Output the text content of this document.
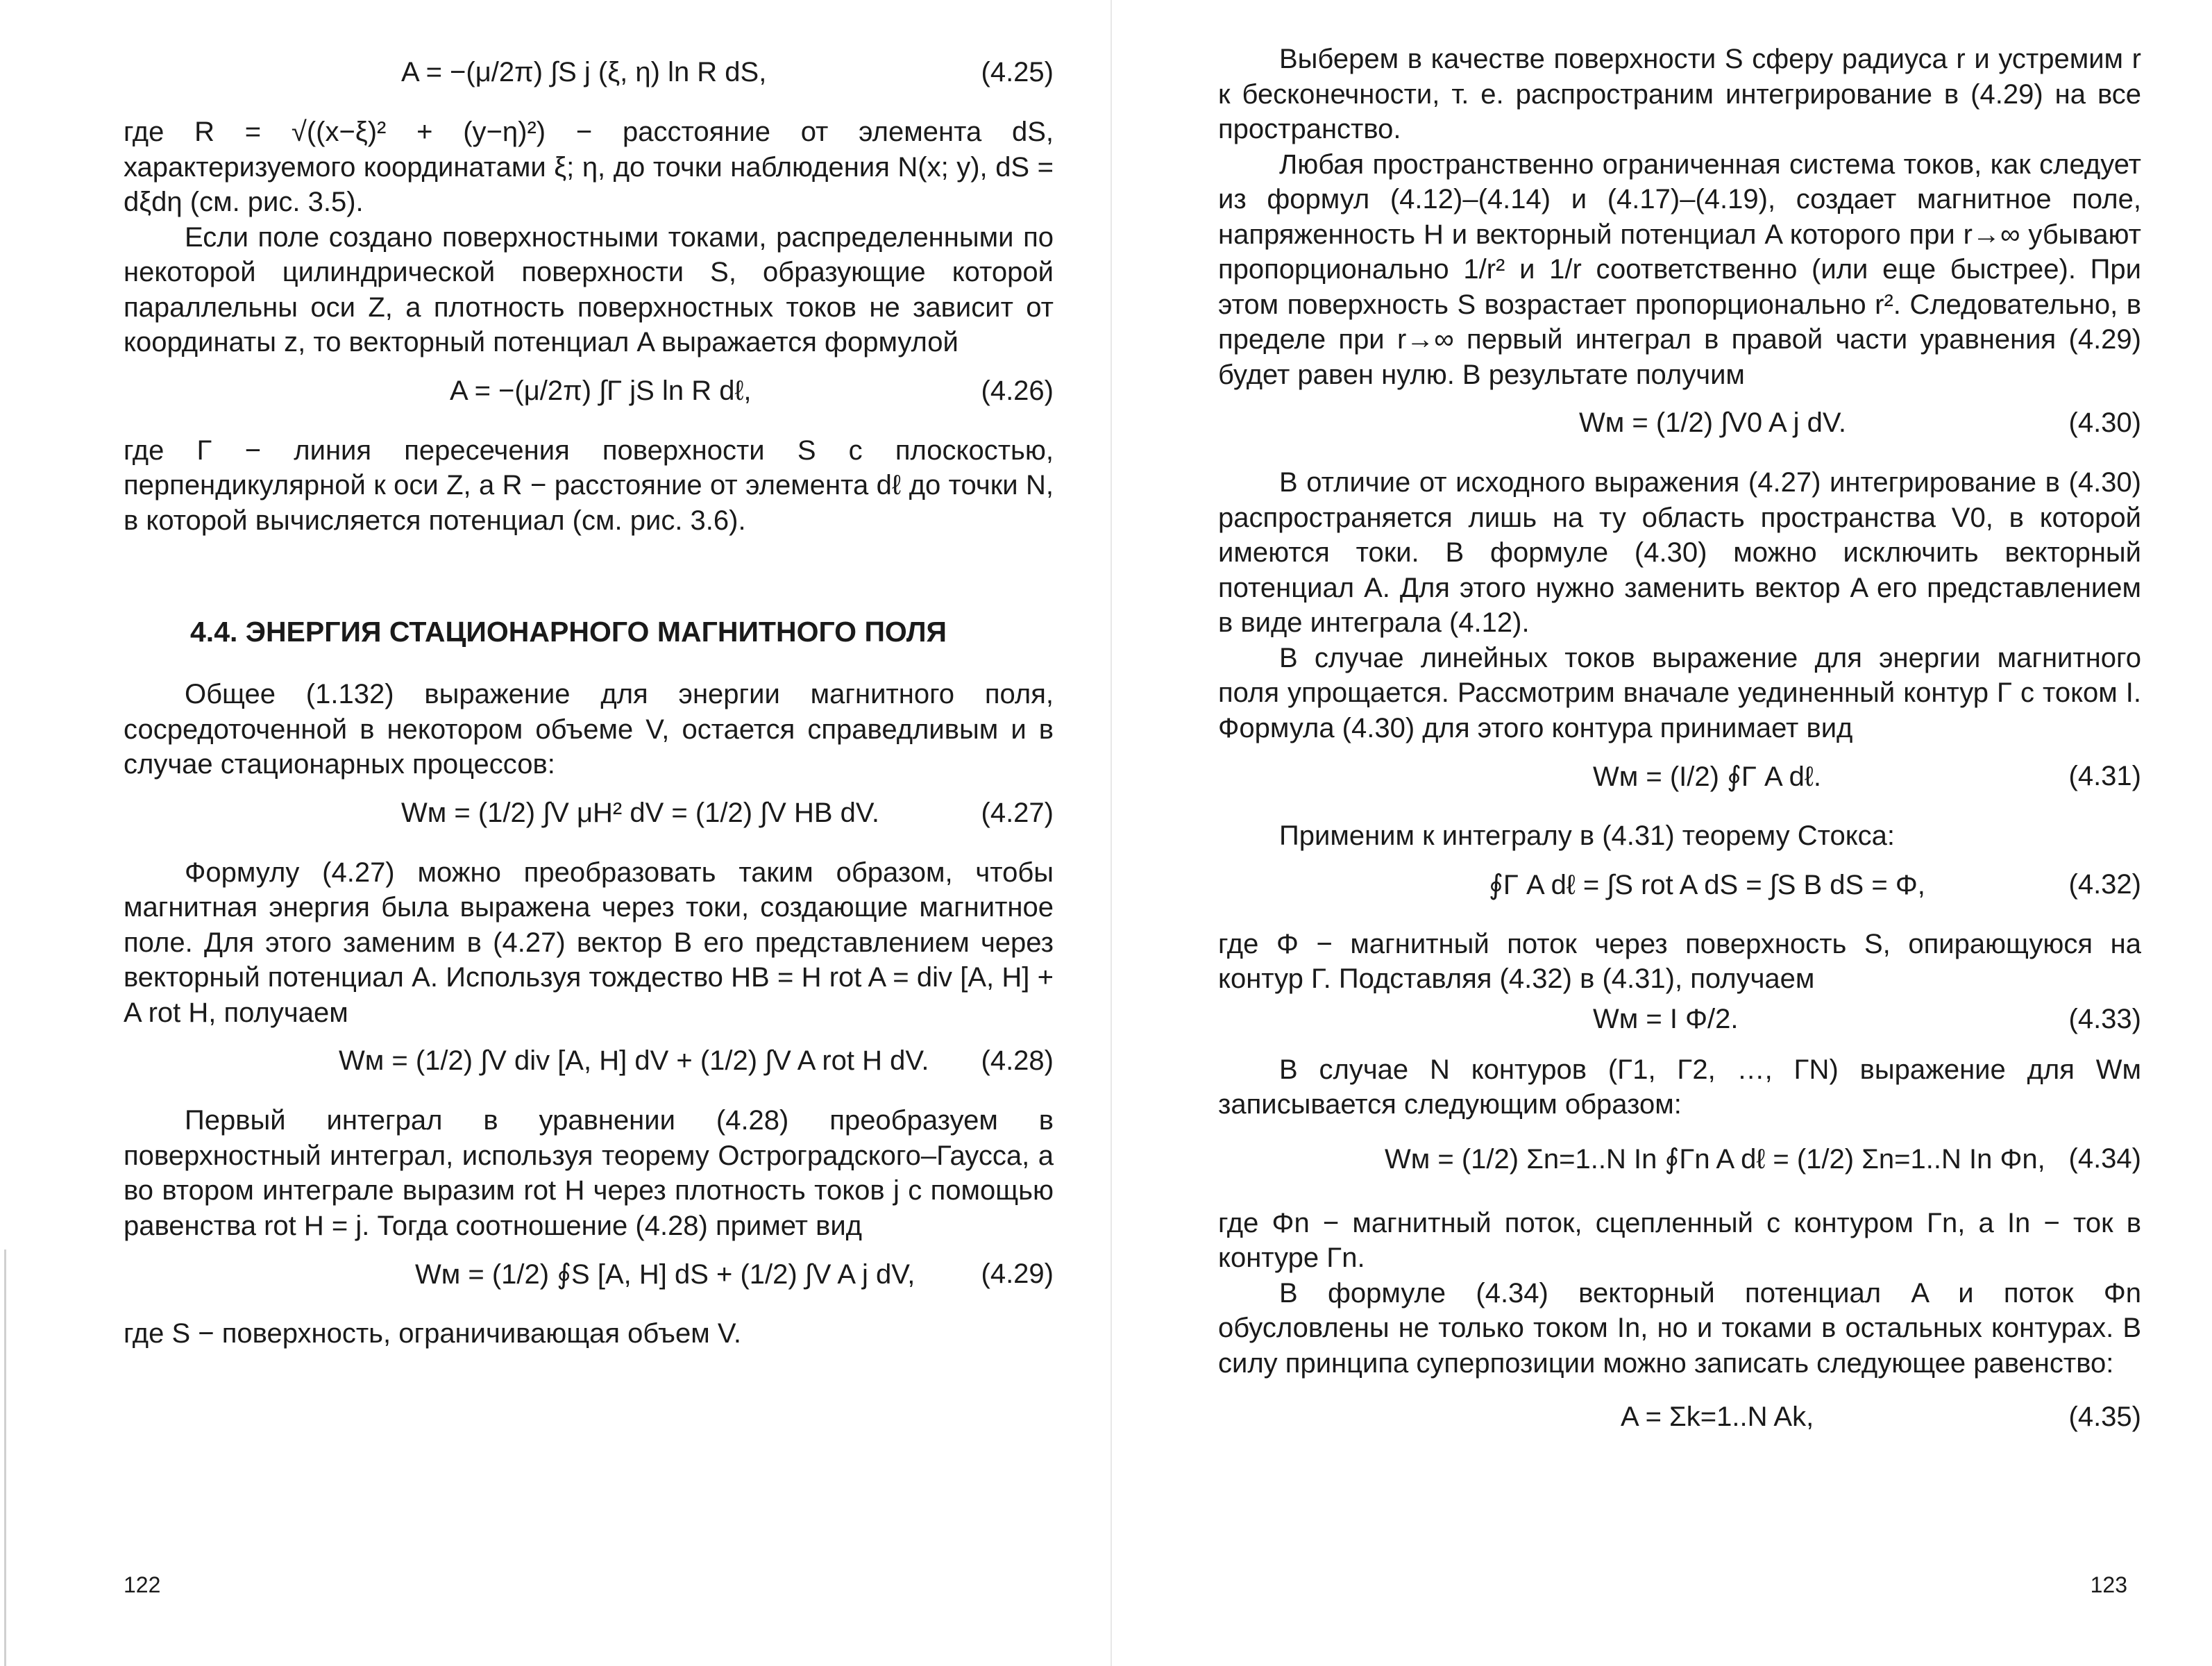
A = −(μ/2π) ∫S j (ξ, η) ln R dS,	(4.25)

где R = √((x−ξ)² + (y−η)²) − расстояние от элемента dS, характеризуемого координатами ξ; η, до точки наблюдения N(x; y), dS = dξdη (см. рис. 3.5).

Если поле создано поверхностными токами, распределенными по некоторой цилиндрической поверхности S, образующие которой параллельны оси Z, а плотность поверхностных токов не зависит от координаты z, то векторный потенциал A выражается формулой

A = −(μ/2π) ∫Γ jS ln R dℓ,	(4.26)

где Γ − линия пересечения поверхности S с плоскостью, перпендикулярной к оси Z, а R − расстояние от элемента dℓ до точки N, в которой вычисляется потенциал (см. рис. 3.6).

4.4. ЭНЕРГИЯ СТАЦИОНАРНОГО МАГНИТНОГО ПОЛЯ

Общее (1.132) выражение для энергии магнитного поля, сосредоточенной в некотором объеме V, остается справедливым и в случае стационарных процессов:

Wм = (1/2) ∫V μH² dV = (1/2) ∫V HB dV.	(4.27)

Формулу (4.27) можно преобразовать таким образом, чтобы магнитная энергия была выражена через токи, создающие магнитное поле. Для этого заменим в (4.27) вектор B его представлением через векторный потенциал A. Используя тождество HB = H rot A = div [A, H] + A rot H, получаем

Wм = (1/2) ∫V div [A, H] dV + (1/2) ∫V A rot H dV. (4.28)

Первый интеграл в уравнении (4.28) преобразуем в поверхностный интеграл, используя теорему Остроградского–Гаусса, а во втором интеграле выразим rot H через плотность токов j с помощью равенства rot H = j. Тогда соотношение (4.28) примет вид

Wм = (1/2) ∮S [A, H] dS + (1/2) ∫V A j dV, (4.29)

где S − поверхность, ограничивающая объем V.

122

Выберем в качестве поверхности S сферу радиуса r и устремим r к бесконечности, т. е. распространим интегрирование в (4.29) на все пространство.

Любая пространственно ограниченная система токов, как следует из формул (4.12)–(4.14) и (4.17)–(4.19), создает магнитное поле, напряженность H и векторный потенциал A которого при r→∞ убывают пропорционально 1/r² и 1/r соответственно (или еще быстрее). При этом поверхность S возрастает пропорционально r². Следовательно, в пределе при r→∞ первый интеграл в правой части уравнения (4.29) будет равен нулю. В результате получим

Wм = (1/2) ∫V0 A j dV.	(4.30)

В отличие от исходного выражения (4.27) интегрирование в (4.30) распространяется лишь на ту область пространства V0, в которой имеются токи. В формуле (4.30) можно исключить векторный потенциал A. Для этого нужно заменить вектор A его представлением в виде интеграла (4.12).

В случае линейных токов выражение для энергии магнитного поля упрощается. Рассмотрим вначале уединенный контур Γ с током I. Формула (4.30) для этого контура принимает вид

Wм = (I/2) ∮Γ A dℓ.	(4.31)

Применим к интегралу в (4.31) теорему Стокса:

∮Γ A dℓ = ∫S rot A dS = ∫S B dS = Φ,	(4.32)

где Φ − магнитный поток через поверхность S, опирающуюся на контур Γ. Подставляя (4.32) в (4.31), получаем

Wм = I Φ/2.	(4.33)

В случае N контуров (Γ1, Γ2, …, ΓN) выражение для Wм записывается следующим образом:

Wм = (1/2) Σn=1..N In ∮Γn A dℓ = (1/2) Σn=1..N In Φn, (4.34)

где Φn − магнитный поток, сцепленный с контуром Γn, а In − ток в контуре Γn.

В формуле (4.34) векторный потенциал A и поток Φn обусловлены не только током In, но и токами в остальных контурах. В силу принципа суперпозиции можно записать следующее равенство:

A = Σk=1..N Ak,	(4.35)
123
